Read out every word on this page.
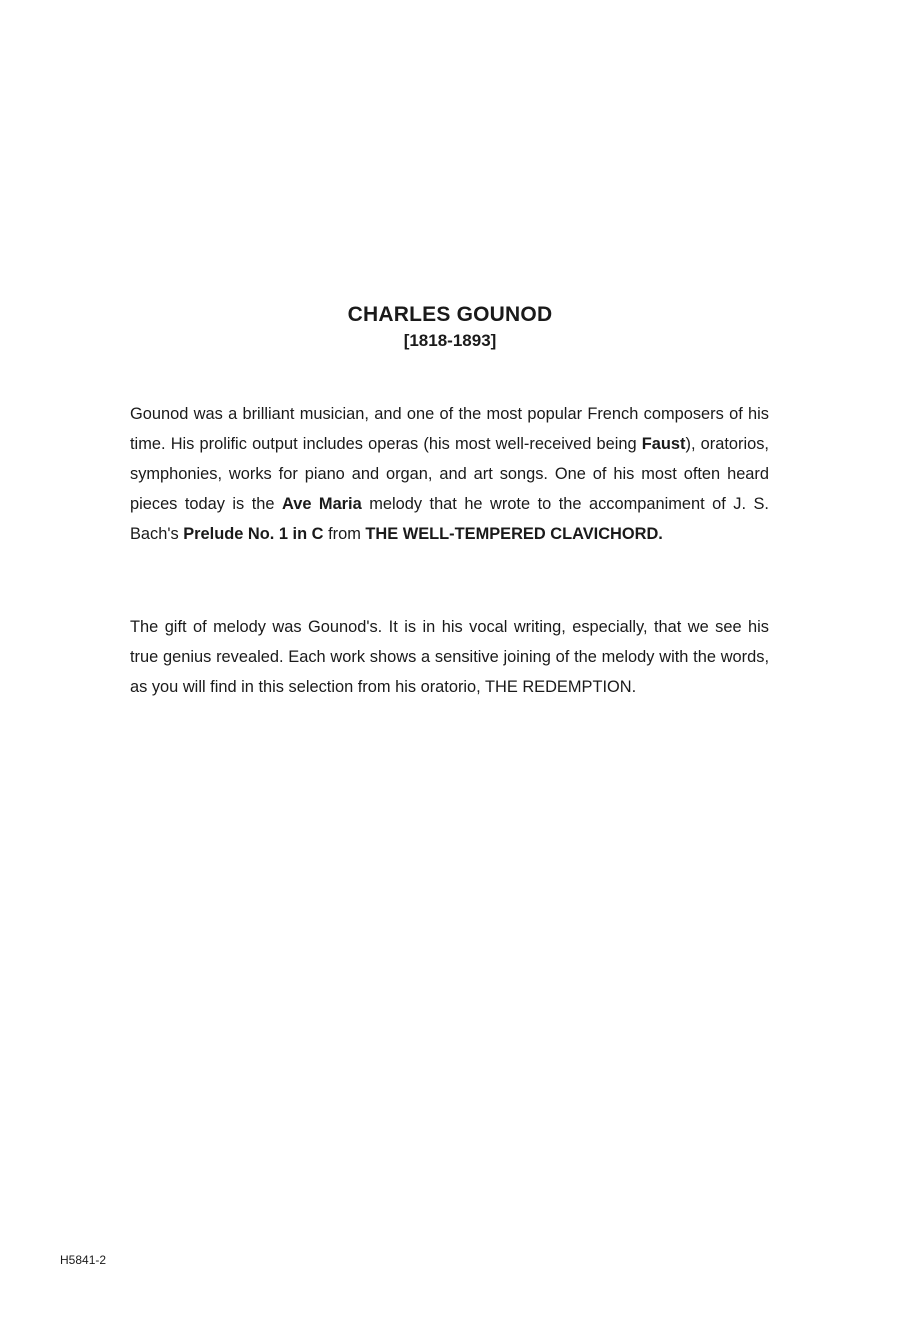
CHARLES GOUNOD

[1818-1893]

Gounod was a brilliant musician, and one of the most popular French composers of his time. His prolific output includes operas (his most well-received being Faust), oratorios, symphonies, works for piano and organ, and art songs. One of his most often heard pieces today is the Ave Maria melody that he wrote to the accompaniment of J. S. Bach's Prelude No. 1 in C from THE WELL-TEMPERED CLAVICHORD.

The gift of melody was Gounod's. It is in his vocal writing, especially, that we see his true genius revealed. Each work shows a sensitive joining of the melody with the words, as you will find in this selection from his oratorio, THE REDEMPTION.

H5841-2
